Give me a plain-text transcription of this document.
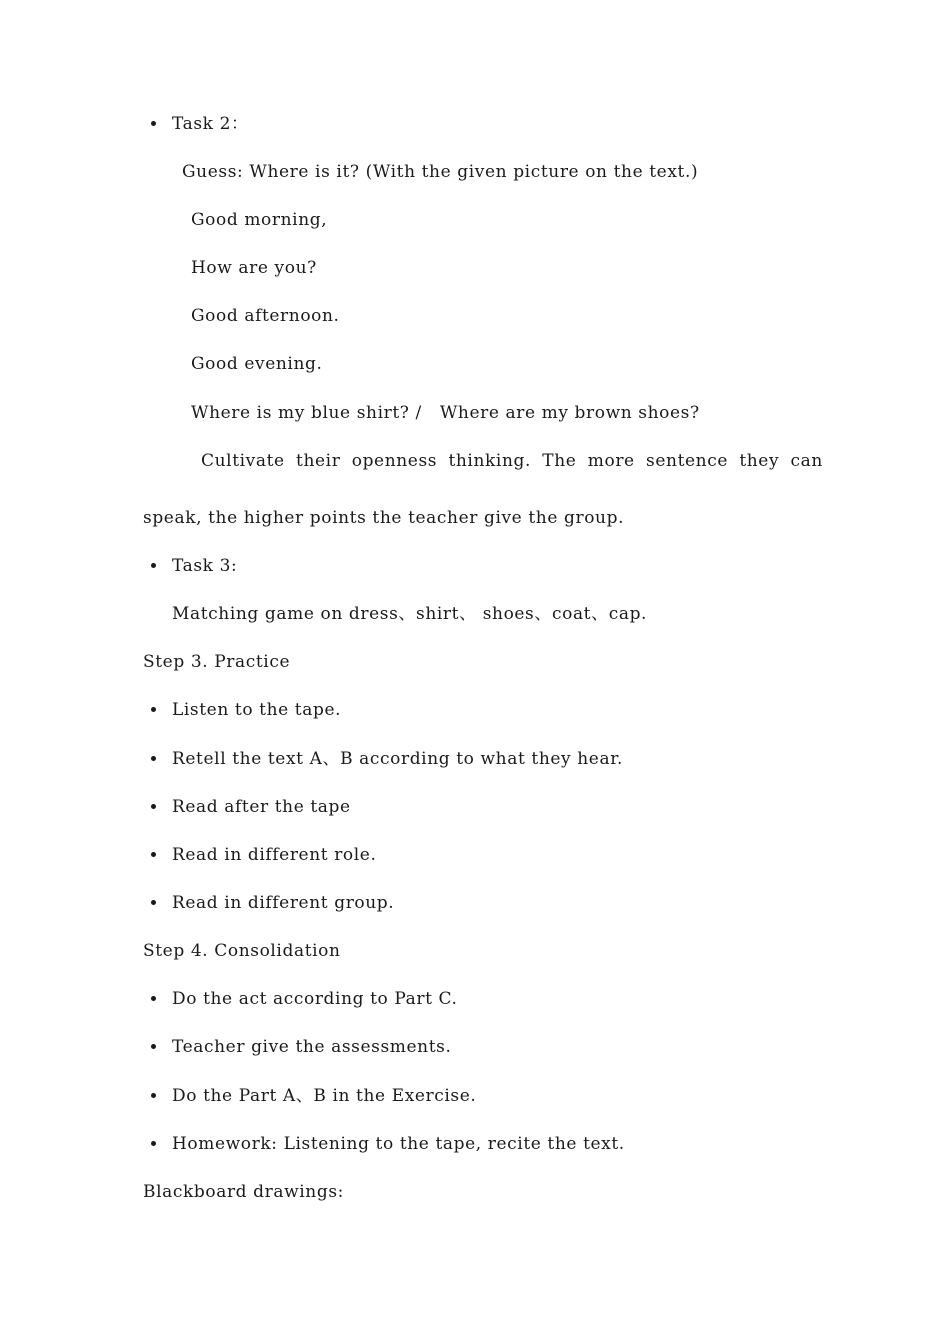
Task 2：
Guess: Where is it? (With the given picture on the text.)
Good morning,
How are you?
Good afternoon.
Good evening.
Where is my blue shirt? /   Where are my brown shoes?
Cultivate their openness thinking. The more sentence they can
speak, the higher points the teacher give the group.
Task 3:
Matching game on dress、shirt、 shoes、coat、cap.
Step 3. Practice
Listen to the tape.
Retell the text A、B according to what they hear.
Read after the tape
Read in different role.
Read in different group.
Step 4. Consolidation
Do the act according to Part C.
Teacher give the assessments.
Do the Part A、B in the Exercise.
Homework: Listening to the tape, recite the text.
Blackboard drawings:
